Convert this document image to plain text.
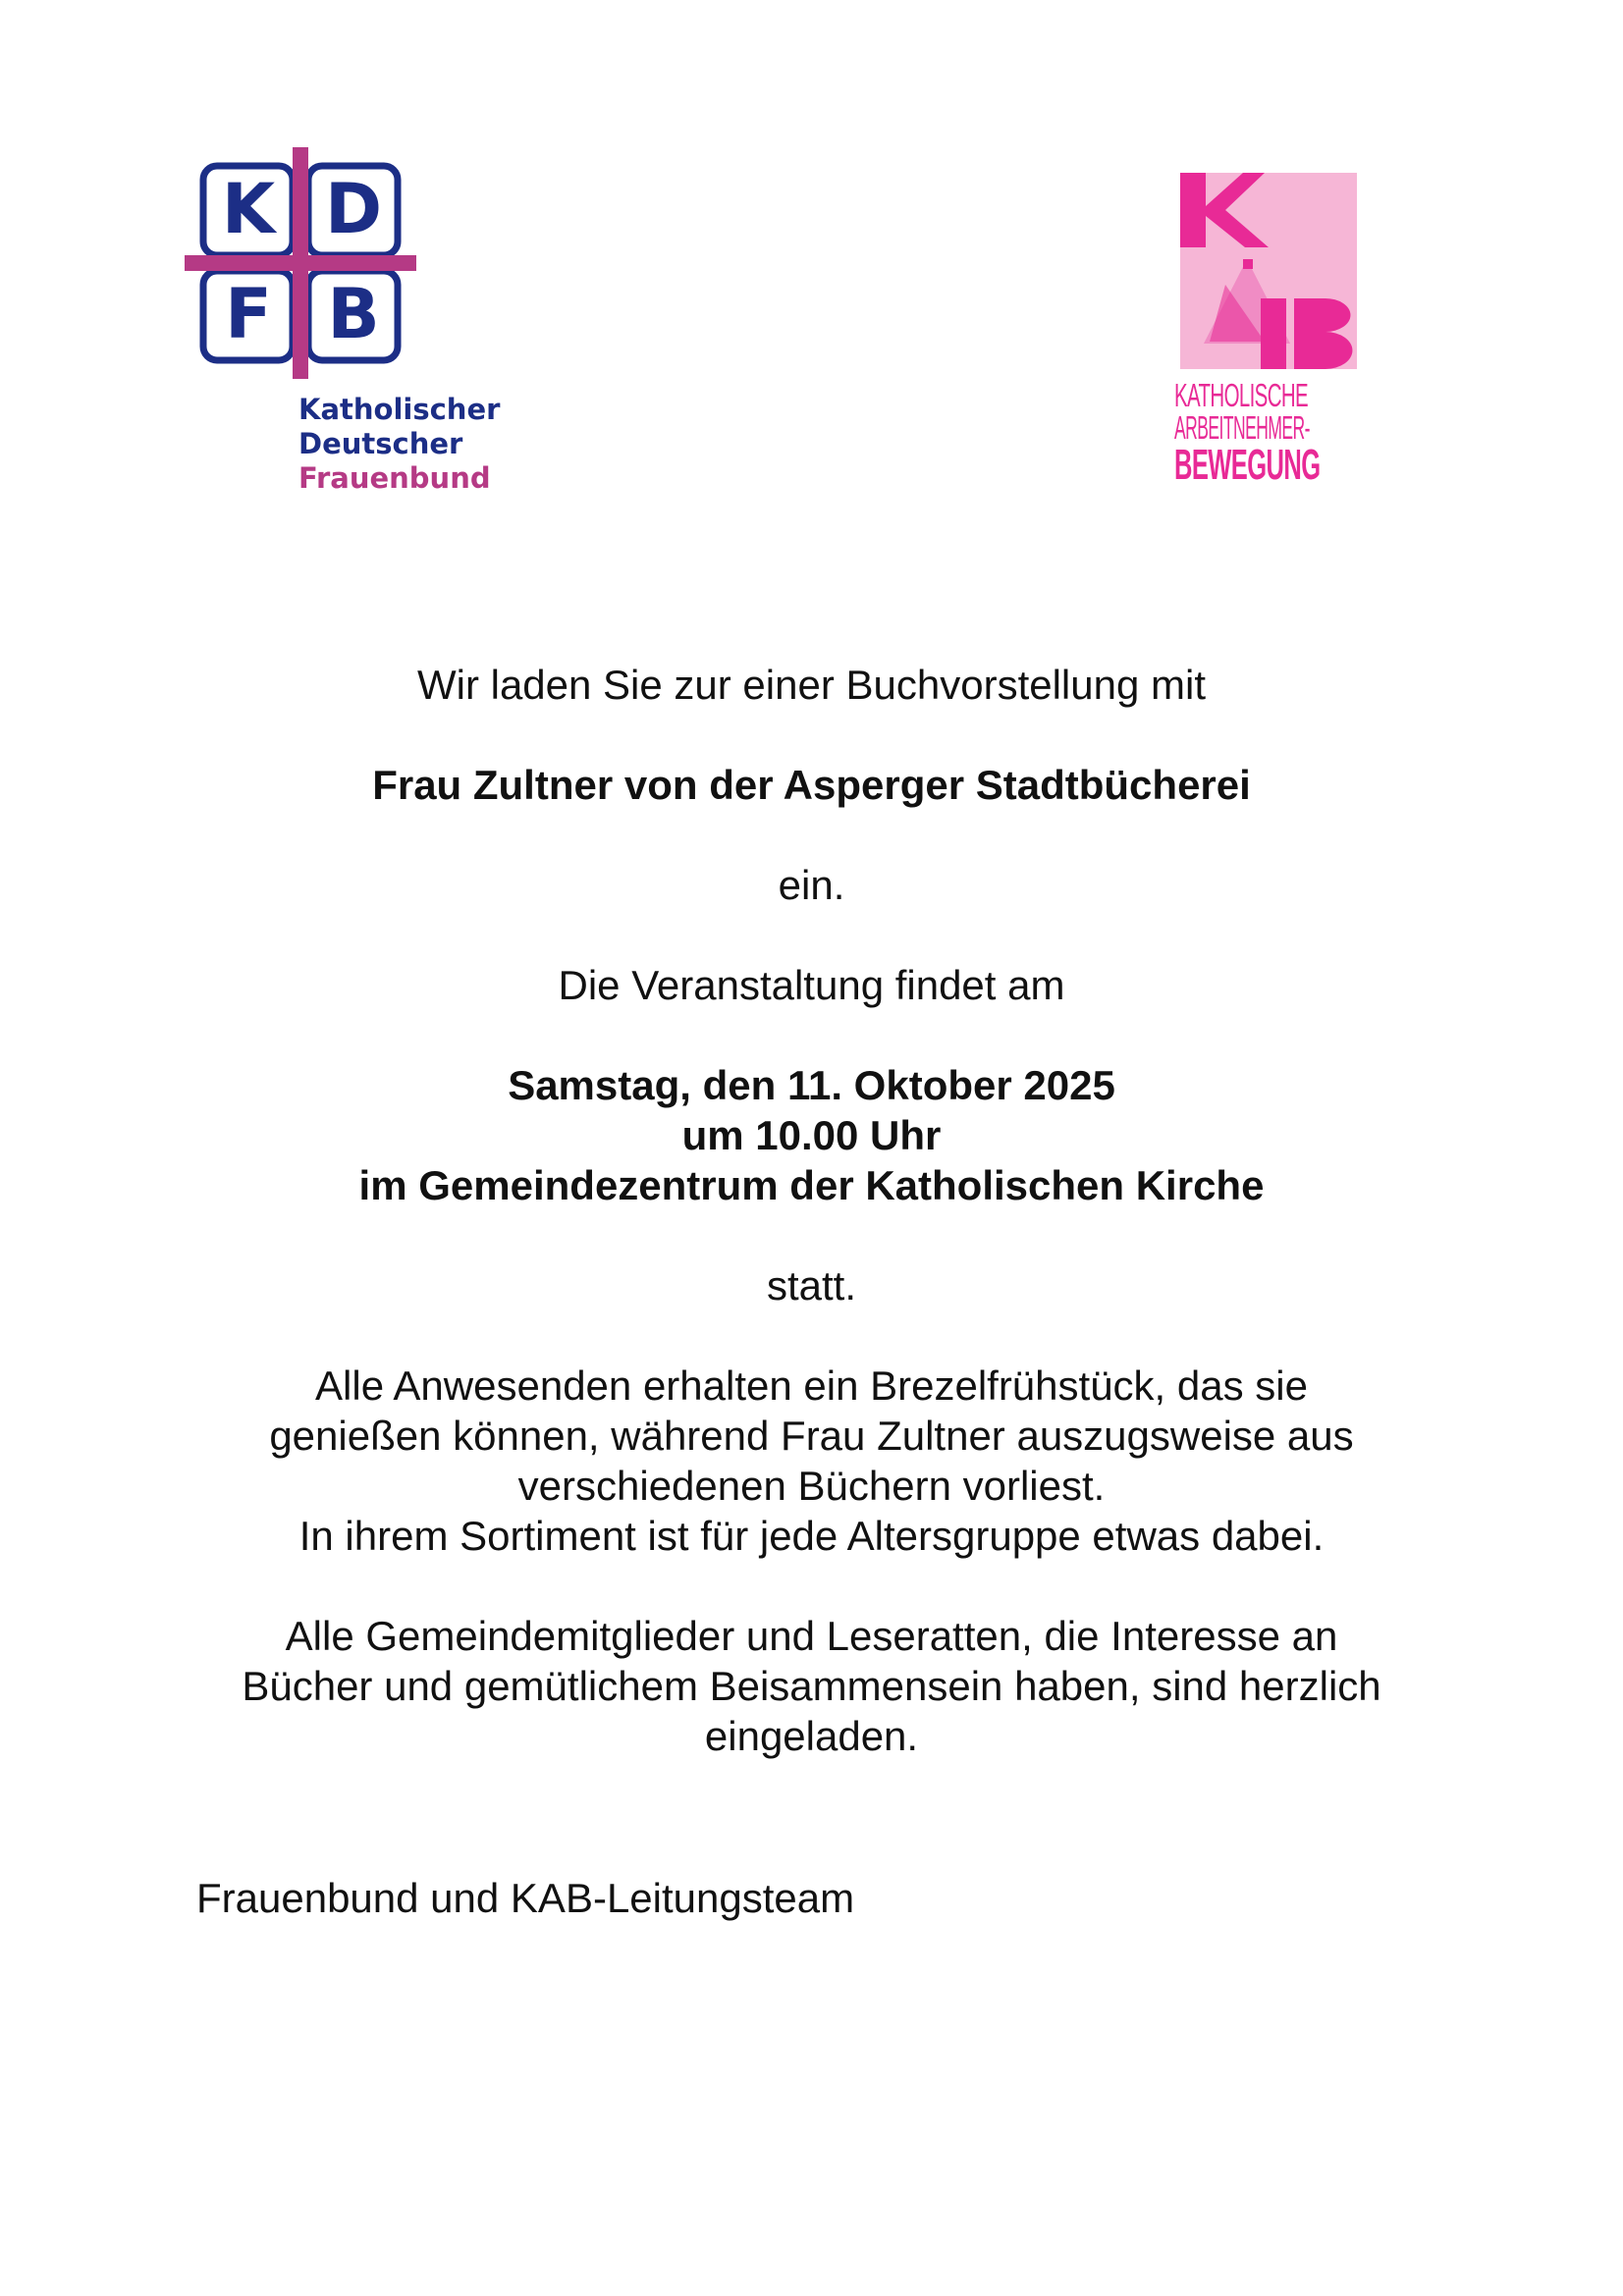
K D
F B
Katholischer
Deutscher
Frauenbund
KATHOLISCHE
ARBEITNEHMER-
BEWEGUNG

Wir laden Sie zur einer Buchvorstellung mit

Frau Zultner von der Asperger Stadtbücherei

ein.

Die Veranstaltung findet am

Samstag, den 11. Oktober 2025

um 10.00 Uhr

im Gemeindezentrum der Katholischen Kirche

statt.

Alle Anwesenden erhalten ein Brezelfrühstück, das sie

genießen können, während Frau Zultner auszugsweise aus

verschiedenen Büchern vorliest.

In ihrem Sortiment ist für jede Altersgruppe etwas dabei.

Alle Gemeindemitglieder und Leseratten, die Interesse an

Bücher und gemütlichem Beisammensein haben, sind herzlich

eingeladen.

Frauenbund und KAB-Leitungsteam
